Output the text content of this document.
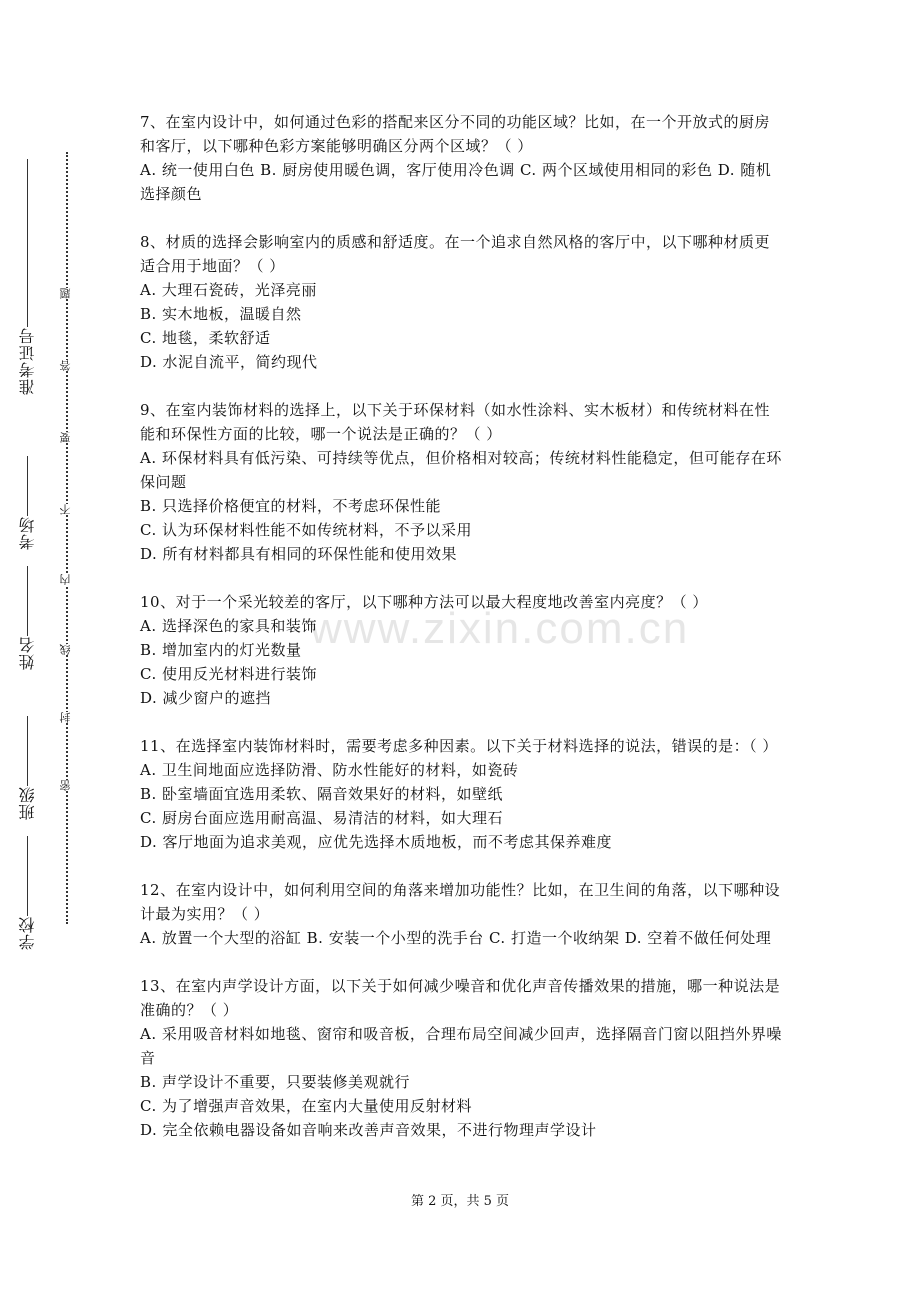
准考证号
考场
姓名
班级
学校
题
答
要
不
内
线
封
密
www.zixin.com.cn
7、在室内设计中，如何通过色彩的搭配来区分不同的功能区域？比如，在一个开放式的厨房和客厅，以下哪种色彩方案能够明确区分两个区域？（ ）
A. 统一使用白色 B. 厨房使用暖色调，客厅使用冷色调 C. 两个区域使用相同的彩色 D. 随机选择颜色
8、材质的选择会影响室内的质感和舒适度。在一个追求自然风格的客厅中，以下哪种材质更适合用于地面？（ ）
A. 大理石瓷砖，光泽亮丽
B. 实木地板，温暖自然
C. 地毯，柔软舒适
D. 水泥自流平，简约现代
9、在室内装饰材料的选择上，以下关于环保材料（如水性涂料、实木板材）和传统材料在性能和环保性方面的比较，哪一个说法是正确的？（ ）
A. 环保材料具有低污染、可持续等优点，但价格相对较高；传统材料性能稳定，但可能存在环保问题
B. 只选择价格便宜的材料，不考虑环保性能
C. 认为环保材料性能不如传统材料，不予以采用
D. 所有材料都具有相同的环保性能和使用效果
10、对于一个采光较差的客厅，以下哪种方法可以最大程度地改善室内亮度？（ ）
A. 选择深色的家具和装饰
B. 增加室内的灯光数量
C. 使用反光材料进行装饰
D. 减少窗户的遮挡
11、在选择室内装饰材料时，需要考虑多种因素。以下关于材料选择的说法，错误的是：（ ）
A. 卫生间地面应选择防滑、防水性能好的材料，如瓷砖
B. 卧室墙面宜选用柔软、隔音效果好的材料，如壁纸
C. 厨房台面应选用耐高温、易清洁的材料，如大理石
D. 客厅地面为追求美观，应优先选择木质地板，而不考虑其保养难度
12、在室内设计中，如何利用空间的角落来增加功能性？比如，在卫生间的角落，以下哪种设计最为实用？（ ）
A. 放置一个大型的浴缸 B. 安装一个小型的洗手台 C. 打造一个收纳架 D. 空着不做任何处理
13、在室内声学设计方面，以下关于如何减少噪音和优化声音传播效果的措施，哪一种说法是准确的？（ ）
A. 采用吸音材料如地毯、窗帘和吸音板，合理布局空间减少回声，选择隔音门窗以阻挡外界噪音
B. 声学设计不重要，只要装修美观就行
C. 为了增强声音效果，在室内大量使用反射材料
D. 完全依赖电器设备如音响来改善声音效果，不进行物理声学设计
第 2 页，共 5 页
